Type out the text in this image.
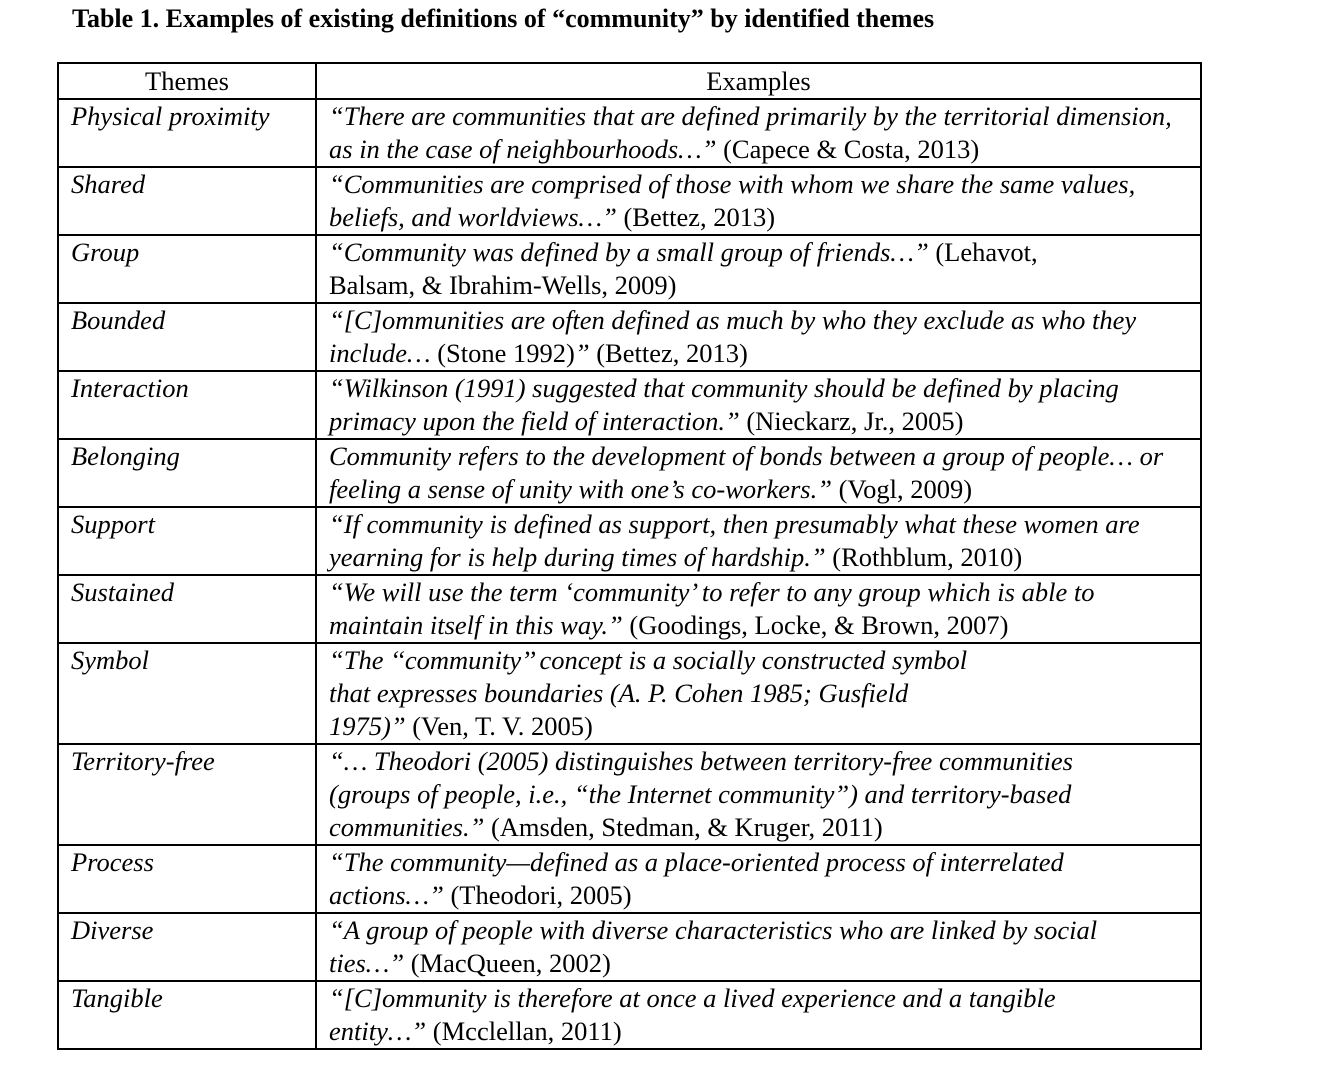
Table 1. Examples of existing definitions of “community” by identified themes
Themes	Examples
Physical proximity	“There are communities that are defined primarily by the territorial dimension, as in the case of neighbourhoods…” (Capece & Costa, 2013)
Shared	“Communities are comprised of those with whom we share the same values, beliefs, and worldviews…” (Bettez, 2013)
Group	“Community was defined by a small group of friends…” (Lehavot, Balsam, & Ibrahim-Wells, 2009)
Bounded	“[C]ommunities are often defined as much by who they exclude as who they include… (Stone 1992)” (Bettez, 2013)
Interaction	“Wilkinson (1991) suggested that community should be defined by placing primacy upon the field of interaction.” (Nieckarz, Jr., 2005)
Belonging	Community refers to the development of bonds between a group of people… or feeling a sense of unity with one’s co-workers.” (Vogl, 2009)
Support	“If community is defined as support, then presumably what these women are yearning for is help during times of hardship.” (Rothblum, 2010)
Sustained	“We will use the term ‘community’ to refer to any group which is able to maintain itself in this way.” (Goodings, Locke, & Brown, 2007)
Symbol	“The ‘‘community’’ concept is a socially constructed symbol that expresses boundaries (A. P. Cohen 1985; Gusfield 1975)” (Ven, T. V. 2005)
Territory-free	“… Theodori (2005) distinguishes between territory-free communities (groups of people, i.e., “the Internet community”) and territory-based communities.” (Amsden, Stedman, & Kruger, 2011)
Process	“The community—defined as a place-oriented process of interrelated actions…” (Theodori, 2005)
Diverse	“A group of people with diverse characteristics who are linked by social ties…” (MacQueen, 2002)
Tangible	“[C]ommunity is therefore at once a lived experience and a tangible entity…” (Mcclellan, 2011)
